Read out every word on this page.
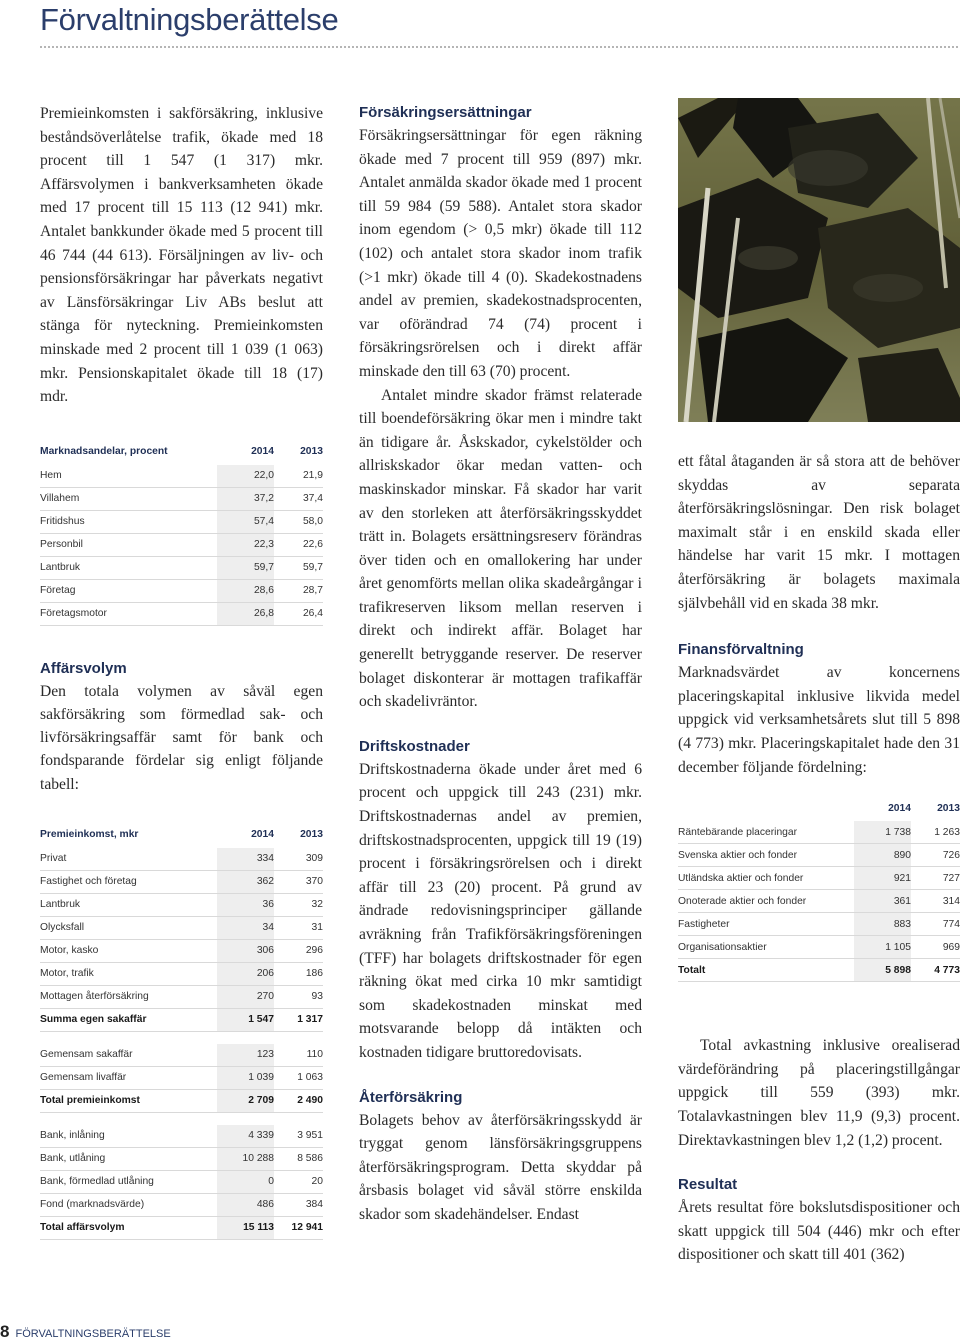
Förvaltningsberättelse

Premieinkomsten i sakförsäkring, inklusive beståndsöverlåtelse trafik, ökade med 18 procent till 1 547 (1 317) mkr. Affärsvolymen i bankverksamheten ökade med 17 procent till 15 113 (12 941) mkr. Antalet bankkunder ökade med 5 procent till 46 744 (44 613). Försäljningen av liv- och pensionsförsäkringar har påverkats negativt av Länsförsäkringar Liv ABs beslut att stänga för nyteckning. Premieinkomsten minskade med 2 procent till 1 039 (1 063) mkr. Pensionskapitalet ökade till 18 (17) mdr.

Marknadsandelar, procent	2014	2013
Hem	22,0	21,9
Villahem	37,2	37,4
Fritidshus	57,4	58,0
Personbil	22,3	22,6
Lantbruk	59,7	59,7
Företag	28,6	28,7
Företagsmotor	26,8	26,4
Affärsvolym

Den totala volymen av såväl egen sakförsäkring som förmedlad sak- och livförsäkringsaffär samt för bank och fondsparande fördelar sig enligt följande tabell:

Premieinkomst, mkr	2014	2013
Privat	334	309
Fastighet och företag	362	370
Lantbruk	36	32
Olycksfall	34	31
Motor, kasko	306	296
Motor, trafik	206	186
Mottagen återförsäkring	270	93
Summa egen sakaffär	1 547	1 317

Gemensam sakaffär	123	110
Gemensam livaffär	1 039	1 063
Total premieinkomst	2 709	2 490

Bank, inlåning	4 339	3 951
Bank, utlåning	10 288	8 586
Bank, förmedlad utlåning	0	20
Fond (marknadsvärde)	486	384
Total affärsvolym	15 113	12 941
Försäkringsersättningar

Försäkringsersättningar för egen räkning ökade med 7 procent till 959 (897) mkr. Antalet anmälda skador ökade med 1 procent till 59 984 (59 588). Antalet stora skador inom egendom (> 0,5 mkr) ökade till 112 (102) och antalet stora skador inom trafik (>1 mkr) ökade till 4 (0). Skadekostnadens andel av premien, skadekostnadsprocenten, var oförändrad 74 (74) procent i försäkringsrörelsen och i direkt affär minskade den till 63 (70) procent.

Antalet mindre skador främst relaterade till boendeförsäkring ökar men i mindre takt än tidigare år. Åskskador, cykelstölder och allriskskador ökar medan vatten- och maskinskador minskar. Få skador har varit av den storleken att återförsäkringsskyddet trätt in. Bolagets ersättningsreserv förändras över tiden och en omallokering har under året genomförts mellan olika skadeårgångar i trafikreserven liksom mellan reserven i direkt och indirekt affär. Bolaget har generellt betryggande reserver. De reserver bolaget diskonterar är mottagen trafikaffär och skadelivräntor.

Driftskostnader

Driftskostnaderna ökade under året med 6 procent och uppgick till 243 (231) mkr. Driftskostnadernas andel av premien, driftskostnadsprocenten, uppgick till 19 (19) procent i försäkringsrörelsen och i direkt affär till 23 (20) procent. På grund av ändrade redovisningsprinciper gällande avräkning från Trafikförsäkringsföreningen (TFF) har bolagets driftskostnader för egen räkning ökat med cirka 10 mkr samtidigt som skadekostnaden minskat med motsvarande belopp då intäkten och kostnaden tidigare bruttoredovisats.

Återförsäkring

Bolagets behov av återförsäkringsskydd är tryggat genom länsförsäkringsgruppens återförsäkringsprogram. Detta skyddar på årsbasis bolaget vid såväl större enskilda skador som skadehändelser. Endast

ett fåtal åtaganden är så stora att de behöver skyddas av separata återförsäkringslösningar. Den risk bolaget maximalt står i en enskild skada eller händelse har varit 15 mkr. I mottagen återförsäkring är bolagets maximala självbehåll vid en skada 38 mkr.

Finansförvaltning

Marknadsvärdet av koncernens placeringskapital inklusive likvida medel uppgick vid verksamhetsårets slut till 5 898 (4 773) mkr. Placeringskapitalet hade den 31 december följande fördelning:

	2014	2013
Räntebärande placeringar	1 738	1 263
Svenska aktier och fonder	890	726
Utländska aktier och fonder	921	727
Onoterade aktier och fonder	361	314
Fastigheter	883	774
Organisationsaktier	1 105	969
Totalt	5 898	4 773

Total avkastning inklusive orealiserad värdeförändring på placeringstillgångar uppgick till 559 (393) mkr. Totalavkastningen blev 11,9 (9,3) procent. Direktavkastningen blev 1,2 (1,2) procent.

Resultat

Årets resultat före bokslutsdispositioner och skatt uppgick till 504 (446) mkr och efter dispositioner och skatt till 401 (362)

8 FÖRVALTNINGSBERÄTTELSE
